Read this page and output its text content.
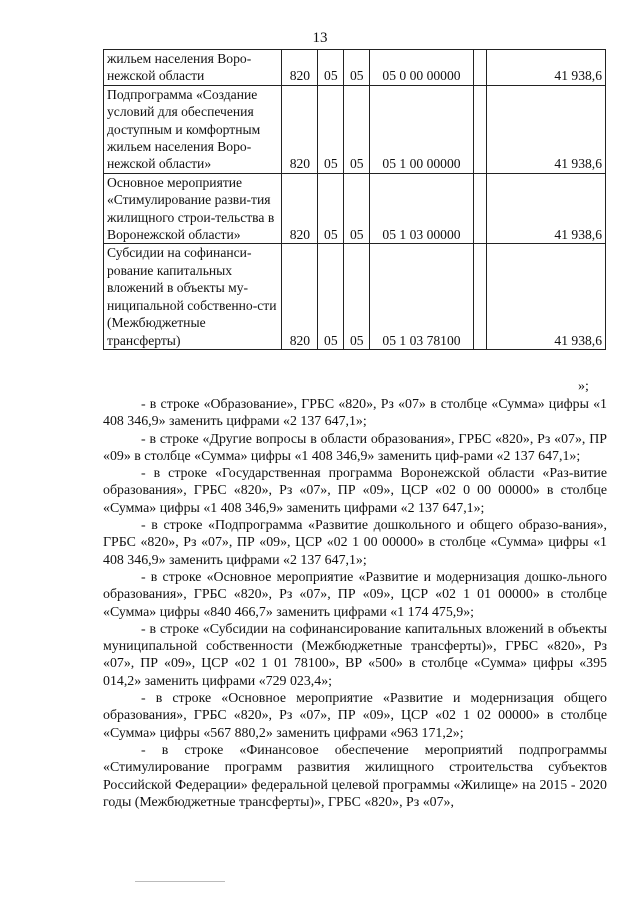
13
жильем населения Воро-нежской области	820	05	05	05 0 00 00000		41 938,6
Подпрограмма «Создание условий для обеспечения доступным и комфортным жильем населения Воро-нежской области»	820	05	05	05 1 00 00000		41 938,6
Основное мероприятие «Стимулирование разви-тия жилищного строи-тельства в Воронежской области»	820	05	05	05 1 03 00000		41 938,6
Субсидии на софинанси-рование капитальных вложений в объекты му-ниципальной собственно-сти (Межбюджетные трансферты)	820	05	05	05 1 03 78100		41 938,6
»;

- в строке «Образование», ГРБС «820», Рз «07» в столбце «Сумма» цифры «1 408 346,9» заменить цифрами «2 137 647,1»;

- в строке «Другие вопросы в области образования», ГРБС «820», Рз «07», ПР «09» в столбце «Сумма» цифры «1 408 346,9» заменить циф-рами «2 137 647,1»;

- в строке «Государственная программа Воронежской области «Раз-витие образования», ГРБС «820», Рз «07», ПР «09», ЦСР «02 0 00 00000» в столбце «Сумма» цифры «1 408 346,9» заменить цифрами «2 137 647,1»;

- в строке «Подпрограмма «Развитие дошкольного и общего образо-вания», ГРБС «820», Рз «07», ПР «09», ЦСР «02 1 00 00000» в столбце «Сумма» цифры «1 408 346,9» заменить цифрами «2 137 647,1»;

- в строке «Основное мероприятие «Развитие и модернизация дошко-льного образования», ГРБС «820», Рз «07», ПР «09», ЦСР «02 1 01 00000» в столбце «Сумма» цифры «840 466,7» заменить цифрами «1 174 475,9»;

- в строке «Субсидии на софинансирование капитальных вложений в объекты муниципальной собственности (Межбюджетные трансферты)», ГРБС «820», Рз «07», ПР «09», ЦСР «02 1 01 78100», ВР «500» в столбце «Сумма» цифры «395 014,2» заменить цифрами «729 023,4»;

- в строке «Основное мероприятие «Развитие и модернизация общего образования», ГРБС «820», Рз «07», ПР «09», ЦСР «02 1 02 00000» в столбце «Сумма» цифры «567 880,2» заменить цифрами «963 171,2»;

- в строке «Финансовое обеспечение мероприятий подпрограммы «Стимулирование программ развития жилищного строительства субъектов Российской Федерации» федеральной целевой программы «Жилище» на 2015 - 2020 годы (Межбюджетные трансферты)», ГРБС «820», Рз «07»,
